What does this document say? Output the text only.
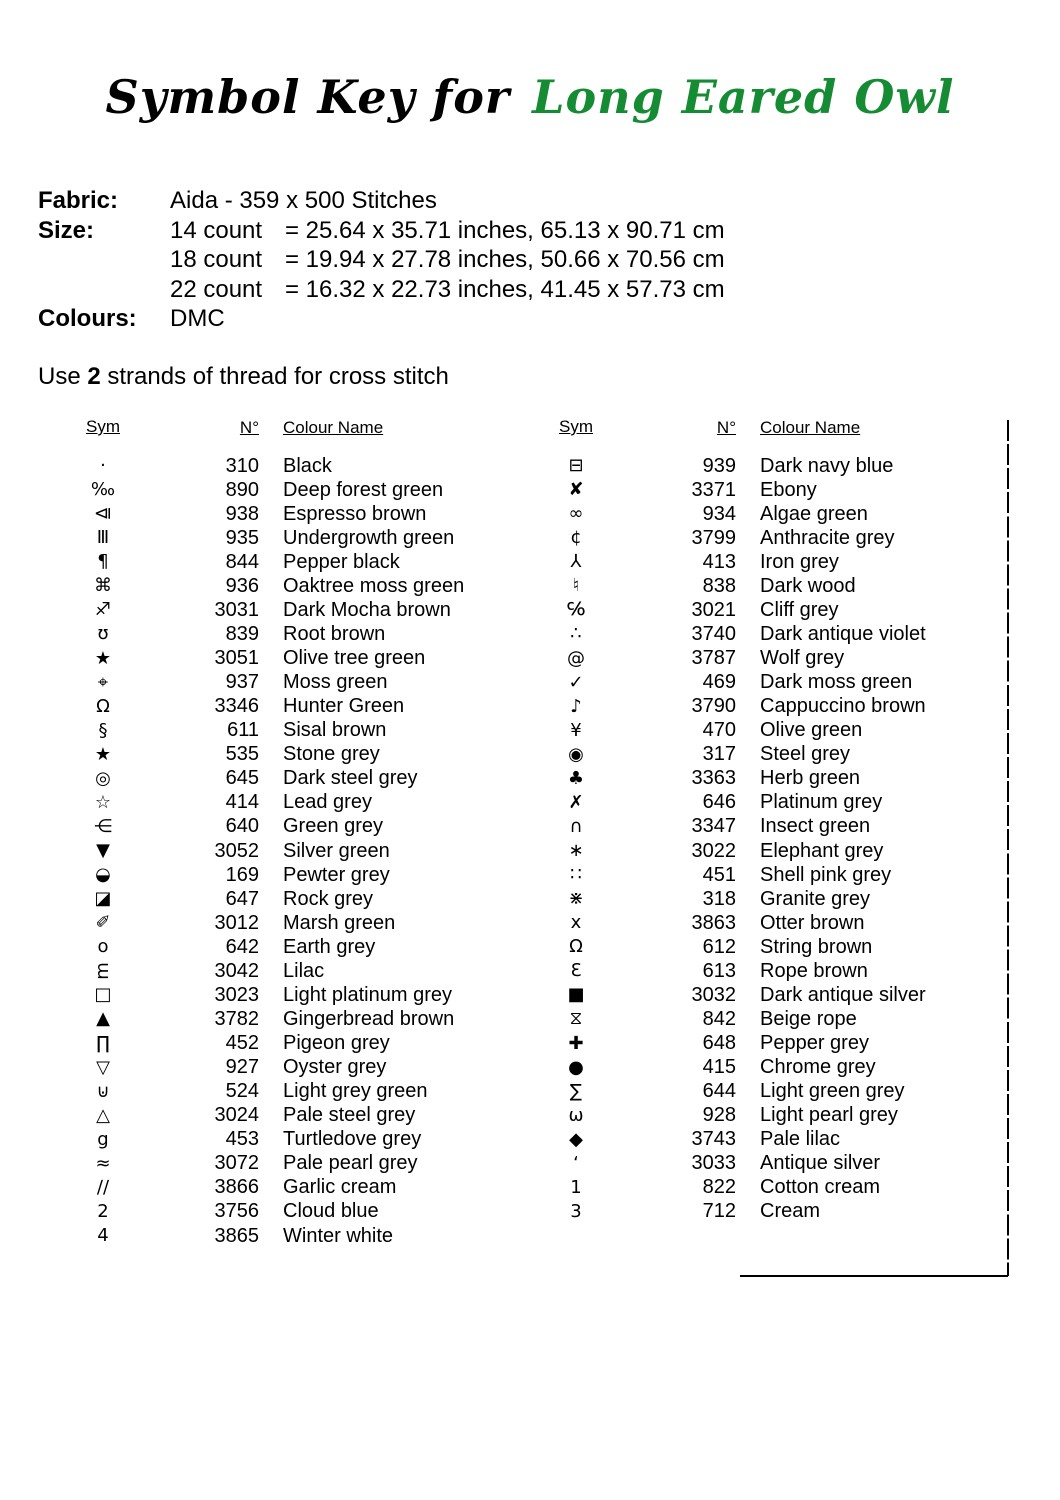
Symbol Key for Long Eared Owl
Fabric:	Aida - 359 x 500 Stitches
Size:	14 count = 25.64 x 35.71 inches, 65.13 x 90.71 cm
18 count = 19.94 x 27.78 inches, 50.66 x 70.56 cm
22 count = 16.32 x 22.73 inches, 41.45 x 57.73 cm
Colours:	DMC
Use 2 strands of thread for cross stitch
Sym	N° Colour Name
·	310 Black
‰	890 Deep forest green
⧏	938 Espresso brown
Ⅲ	935 Undergrowth green
¶	844 Pepper black
⌘	936 Oaktree moss green
♐	3031 Dark Mocha brown
ʊ	839 Root brown
★	3051 Olive tree green
⌖	937 Moss green
Ω	3346 Hunter Green
§	611 Sisal brown
★	535 Stone grey
◎	645 Dark steel grey
☆	414 Lead grey
⋲	640 Green grey
▼	3052 Silver green
◒	169 Pewter grey
◪	647 Rock grey
✐	3012 Marsh green
o	642 Earth grey
m	3042 Lilac
□	3023 Light platinum grey
▲	3782 Gingerbread brown
∏	452 Pigeon grey
▽	927 Oyster grey
⊍	524 Light grey green
△	3024 Pale steel grey
g	453 Turtledove grey
≈	3072 Pale pearl grey
∕∕	3866 Garlic cream
2	3756 Cloud blue
4	3865 Winter white
Sym	N° Colour Name
⊟	939 Dark navy blue
✘	3371 Ebony
∞	934 Algae green
¢	3799 Anthracite grey
⅄	413 Iron grey
♮	838 Dark wood
℅	3021 Cliff grey
∴	3740 Dark antique violet
@	3787 Wolf grey
✓	469 Dark moss green
♪	3790 Cappuccino brown
¥	470 Olive green
◉	317 Steel grey
♣	3363 Herb green
✗	646 Platinum grey
∩	3347 Insect green
∗	3022 Elephant grey
∷	451 Shell pink grey
⋇	318 Granite grey
x	3863 Otter brown
Ω	612 String brown
Ɛ	613 Rope brown
■	3032 Dark antique silver
⧖	842 Beige rope
✚	648 Pepper grey
●	415 Chrome grey
∑	644 Light green grey
ω	928 Light pearl grey
◆	3743 Pale lilac
‘	3033 Antique silver
1	822 Cotton cream
3	712 Cream
